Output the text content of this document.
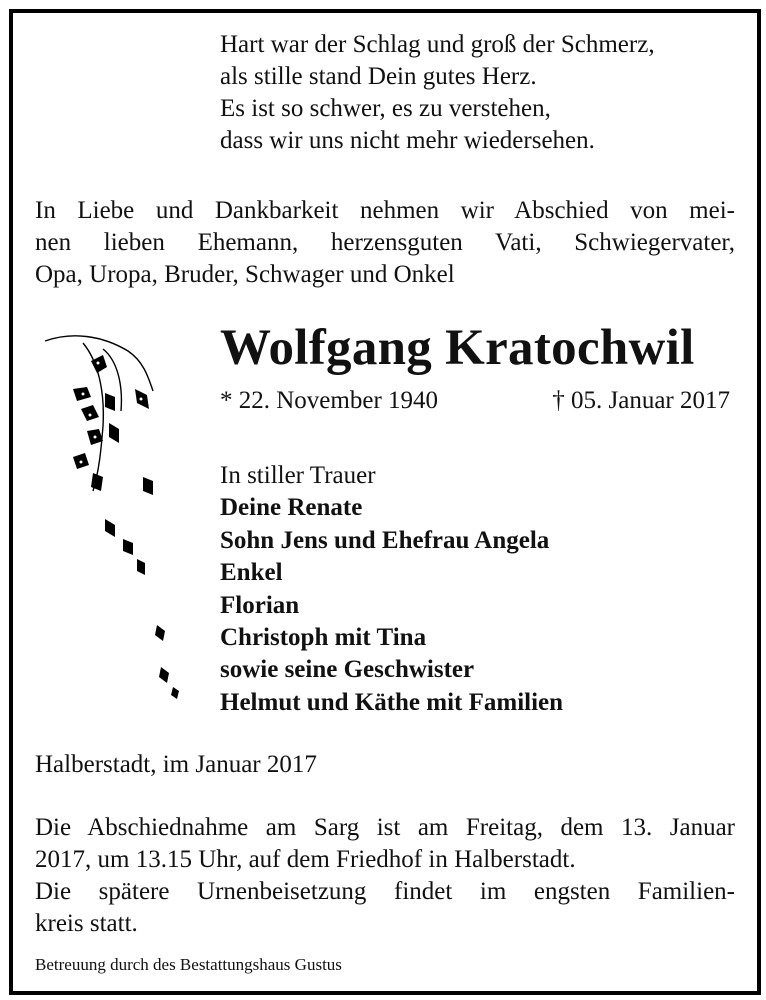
Hart war der Schlag und groß der Schmerz,
als stille stand Dein gutes Herz.
Es ist so schwer, es zu verstehen,
dass wir uns nicht mehr wiedersehen.
In Liebe und Dankbarkeit nehmen wir Abschied von mei-
nen lieben Ehemann, herzensguten Vati, Schwiegervater,
Opa, Uropa, Bruder, Schwager und Onkel
Wolfgang Kratochwil
* 22. November 1940	† 05. Januar 2017
In stiller Trauer
Deine Renate
Sohn Jens und Ehefrau Angela
Enkel
Florian
Christoph mit Tina
sowie seine Geschwister
Helmut und Käthe mit Familien
Halberstadt, im Januar 2017
Die Abschiednahme am Sarg ist am Freitag, dem 13. Januar
2017, um 13.15 Uhr, auf dem Friedhof in Halberstadt.
Die spätere Urnenbeisetzung findet im engsten Familien-
kreis statt.
Betreuung durch des Bestattungshaus Gustus
